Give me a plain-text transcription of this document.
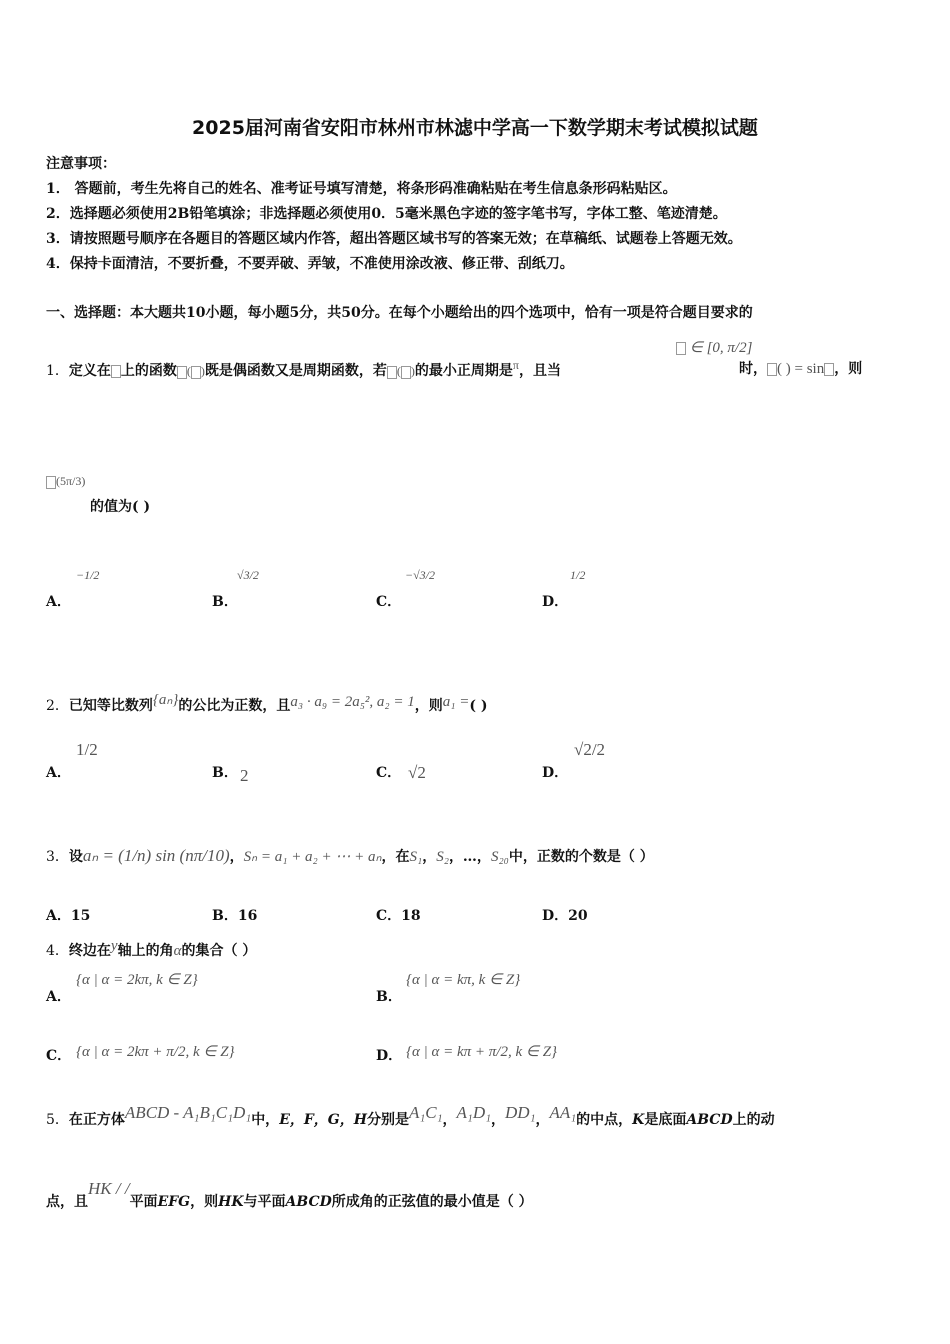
2025届河南省安阳市林州市林滤中学高一下数学期末考试模拟试题
注意事项：
1． 答题前，考生先将自己的姓名、准考证号填写清楚，将条形码准确粘贴在考生信息条形码粘贴区。
2．选择题必须使用2B铅笔填涂；非选择题必须使用0．5毫米黑色字迹的签字笔书写，字体工整、笔迹清楚。
3．请按照题号顺序在各题目的答题区域内作答，超出答题区域书写的答案无效；在草稿纸、试题卷上答题无效。
4．保持卡面清洁，不要折叠，不要弄破、弄皱，不准使用涂改液、修正带、刮纸刀。
一、选择题：本大题共10小题，每小题5分，共50分。在每个小题给出的四个选项中，恰有一项是符合题目要求的
1．定义在 上的函数 ( )既是偶函数又是周期函数，若 ( )的最小正周期是π，且当
∈ [0, π/2]
时， ( ) = sin ，则
(5π/3)
的值为( )
A．
−1/2
B．
√3/2
C．
−√3/2
D．
1/2
2．已知等比数列{aₙ}的公比为正数，且a₃ · a₉ = 2a₅², a₂ = 1，则a₁ =( )
A．
1/2
B． 2	C． √2	D．
√2/2
3．设aₙ = (1/n) sin (nπ/10)，Sₙ = a₁ + a₂ + ⋯ + aₙ，在S₁，S₂，…，S₂₀中，正数的个数是（ ）
A．15	B．16	C．18	D．20
4．终边在y轴上的角α的集合（ ）
A．
{α | α = 2kπ, k ∈ Z}
B．
{α | α = kπ, k ∈ Z}
C． {α | α = 2kπ + π/2, k ∈ Z}	D． {α | α = kπ + π/2, k ∈ Z}
5．在正方体ABCD - A₁B₁C₁D₁中，E，F，G，H分别是A₁C₁，A₁D₁，DD₁，AA₁的中点，K是底面ABCD上的动
点，且HK / /平面EFG，则HK与平面ABCD所成角的正弦值的最小值是（ ）
